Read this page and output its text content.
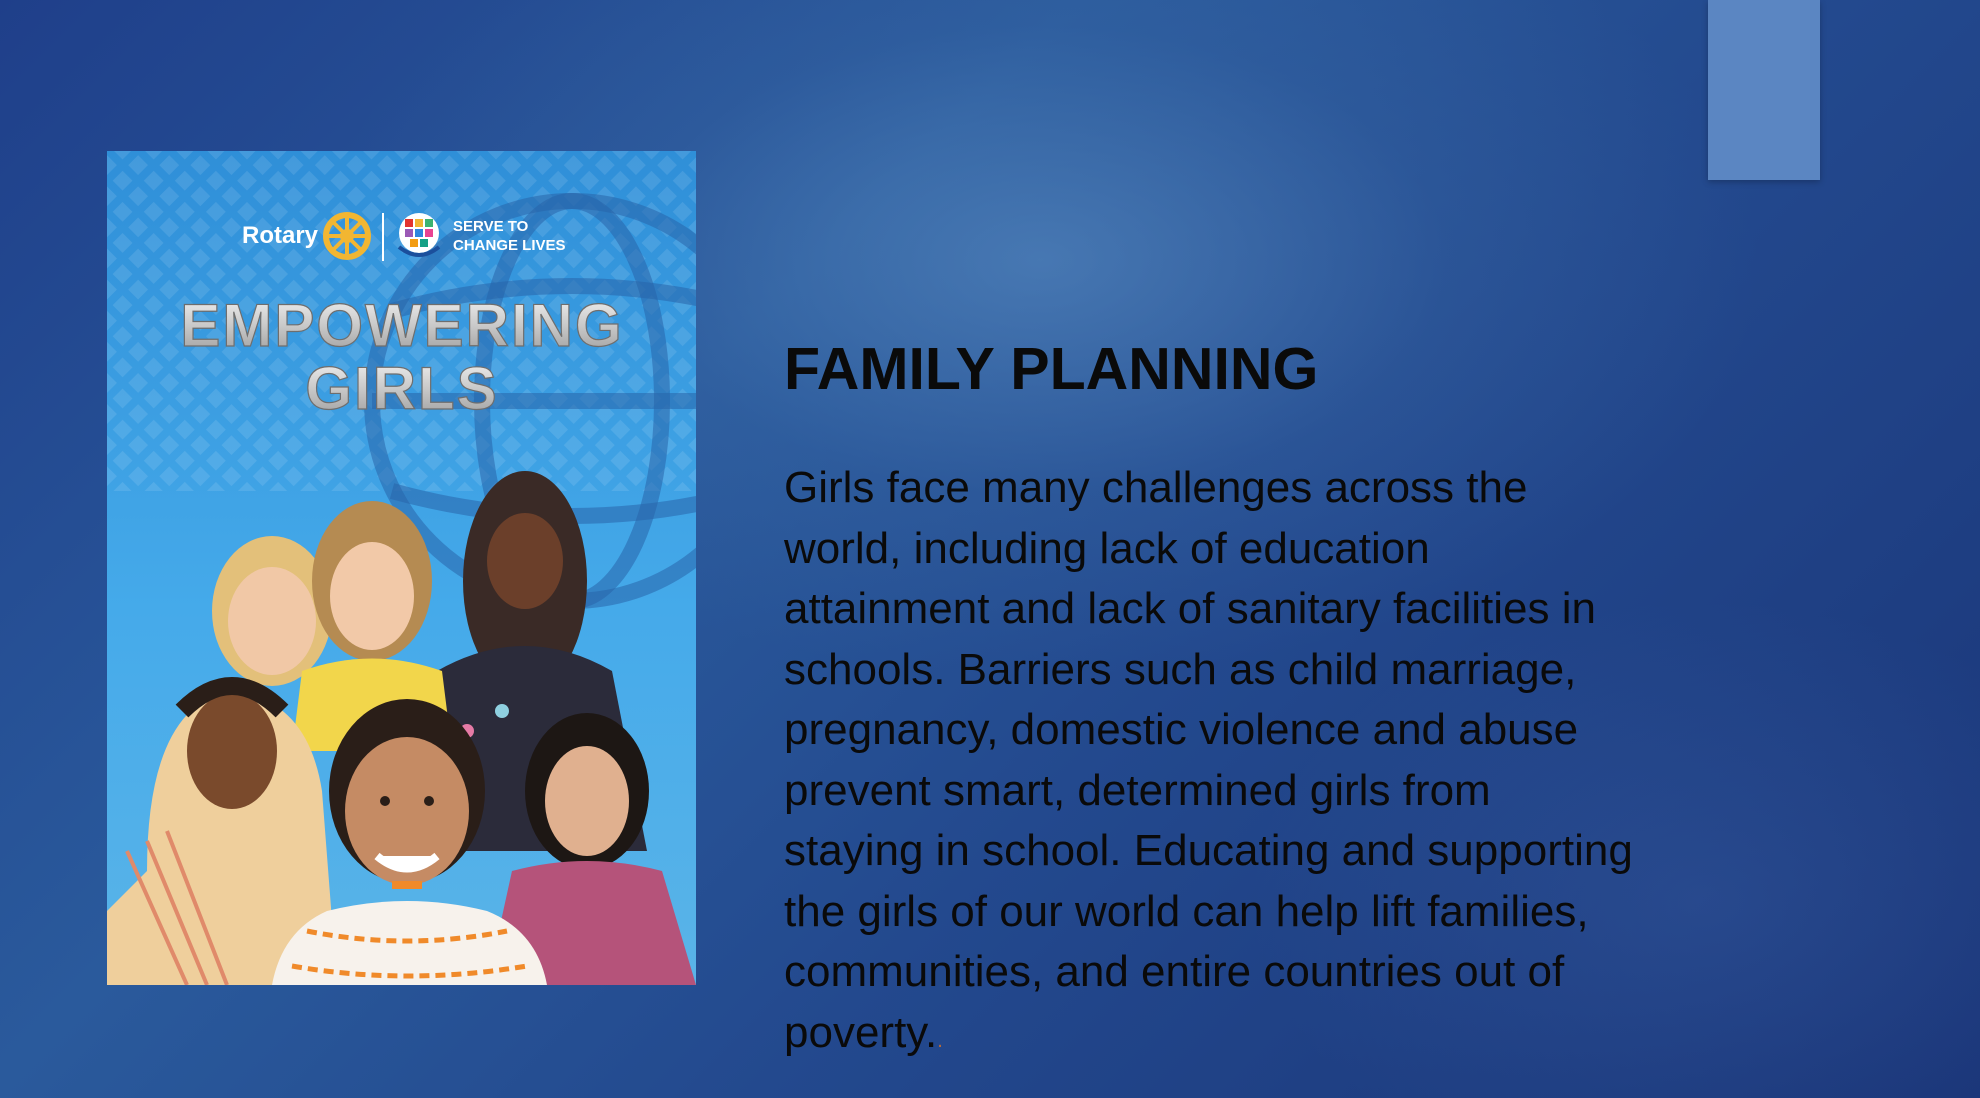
Rotary	SERVE TO
CHANGE LIVES
EMPOWERING
GIRLS	FAMILY PLANNING

Girls face many challenges across the
world, including lack of education
attainment and lack of sanitary facilities in
schools. Barriers such as child marriage,
pregnancy, domestic violence and abuse
prevent smart, determined girls from
staying in school. Educating and supporting
the girls of our world can help lift families,
communities, and entire countries out of
poverty..
